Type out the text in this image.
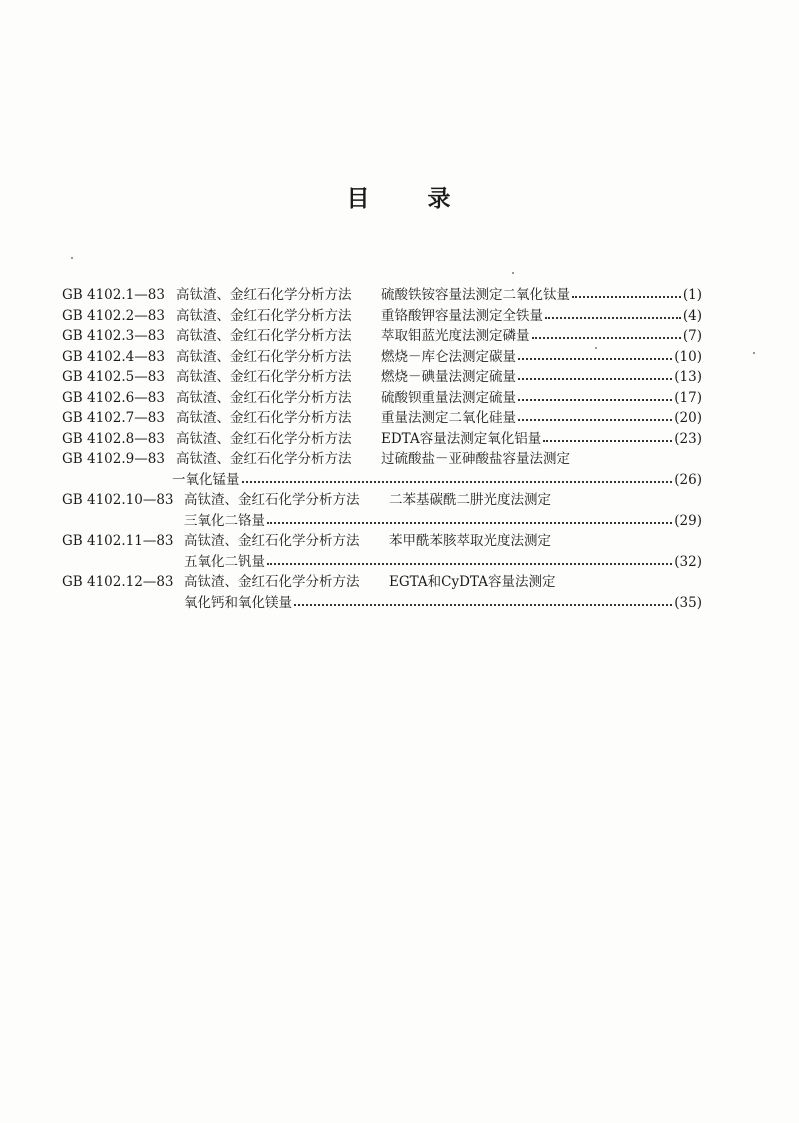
目 录
GB 4102.1—83 高钛渣、金红石化学分析方法	硫酸铁铵容量法测定二氧化钛量	(1)
GB 4102.2—83 高钛渣、金红石化学分析方法	重铬酸钾容量法测定全铁量	(4)
GB 4102.3—83 高钛渣、金红石化学分析方法	萃取钼蓝光度法测定磷量	(7)
GB 4102.4—83 高钛渣、金红石化学分析方法	燃烧－库仑法测定碳量	(10)
GB 4102.5—83 高钛渣、金红石化学分析方法	燃烧－碘量法测定硫量	(13)
GB 4102.6—83 高钛渣、金红石化学分析方法	硫酸钡重量法测定硫量	(17)
GB 4102.7—83 高钛渣、金红石化学分析方法	重量法测定二氧化硅量	(20)
GB 4102.8—83 高钛渣、金红石化学分析方法	EDTA容量法测定氧化铝量	(23)
GB 4102.9—83 高钛渣、金红石化学分析方法	过硫酸盐－亚砷酸盐容量法测定
一氧化锰量	(26)
GB 4102.10—83 高钛渣、金红石化学分析方法	二苯基碳酰二肼光度法测定
三氧化二铬量	(29)
GB 4102.11—83 高钛渣、金红石化学分析方法	苯甲酰苯胲萃取光度法测定
五氧化二钒量	(32)
GB 4102.12—83 高钛渣、金红石化学分析方法	EGTA和CyDTA容量法测定
氧化钙和氧化镁量	(35)
